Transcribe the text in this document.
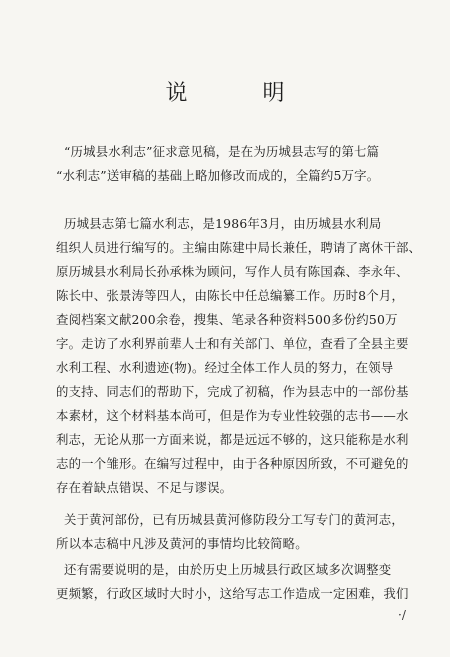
说 明
“历城县水利志”征求意见稿，是在为历城县志写的第七篇
“水利志”送审稿的基础上略加修改而成的，全篇约5万字。
历城县志第七篇水利志，是1986年3月，由历城县水利局
组织人员进行编写的。主编由陈建中局长兼任，聘请了离休干部、
原历城县水利局长孙承株为顾问，写作人员有陈国森、李永年、
陈长中、张景涛等四人，由陈长中任总编纂工作。历时8个月，
查阅档案文献200余卷，搜集、笔录各种资料500多份约50万
字。走访了水利界前辈人士和有关部门、单位，查看了全县主要
水利工程、水利遗迹(物)。经过全体工作人员的努力，在领导
的支持、同志们的帮助下，完成了初稿，作为县志中的一部份基
本素材，这个材料基本尚可，但是作为专业性较强的志书——水
利志，无论从那一方面来说，都是远远不够的，这只能称是水利
志的一个雏形。在编写过程中，由于各种原因所致，不可避免的
存在着缺点错误、不足与谬误。
关于黄河部份，已有历城县黄河修防段分工写专门的黄河志，
所以本志稿中凡涉及黄河的事情均比较简略。
还有需要说明的是，由於历史上历城县行政区域多次调整变
更频繁，行政区域时大时小，这给写志工作造成一定困难，我们
·/
